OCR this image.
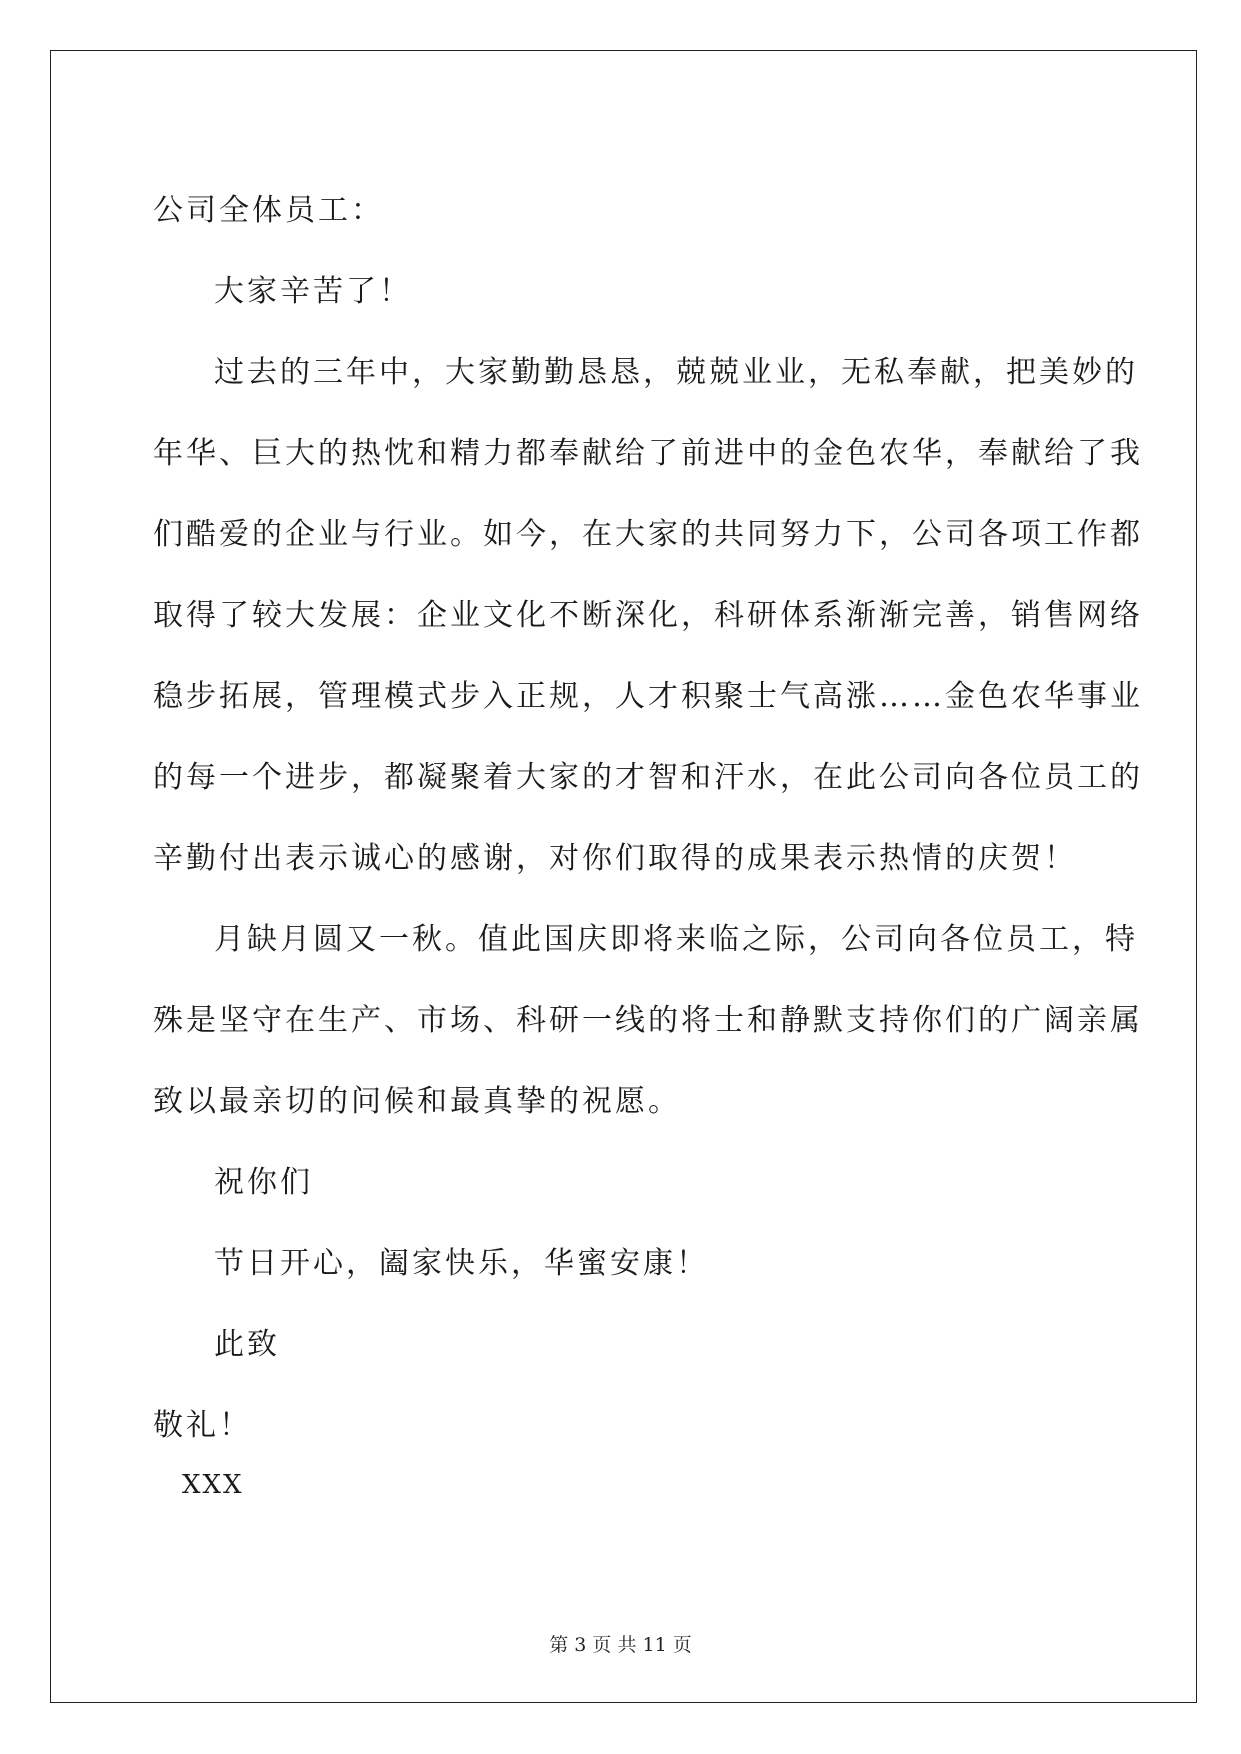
公司全体员工：
大家辛苦了！
过去的三年中，大家勤勤恳恳，兢兢业业，无私奉献，把美妙的
年华、巨大的热忱和精力都奉献给了前进中的金色农华，奉献给了我
们酷爱的企业与行业。如今，在大家的共同努力下，公司各项工作都
取得了较大发展：企业文化不断深化，科研体系渐渐完善，销售网络
稳步拓展，管理模式步入正规，人才积聚士气高涨……金色农华事业
的每一个进步，都凝聚着大家的才智和汗水，在此公司向各位员工的
辛勤付出表示诚心的感谢，对你们取得的成果表示热情的庆贺！
月缺月圆又一秋。值此国庆即将来临之际，公司向各位员工，特
殊是坚守在生产、市场、科研一线的将士和静默支持你们的广阔亲属
致以最亲切的问候和最真挚的祝愿。
祝你们
节日开心，阖家快乐，华蜜安康！
此致
敬礼！
XXX
第 3 页 共 11 页
